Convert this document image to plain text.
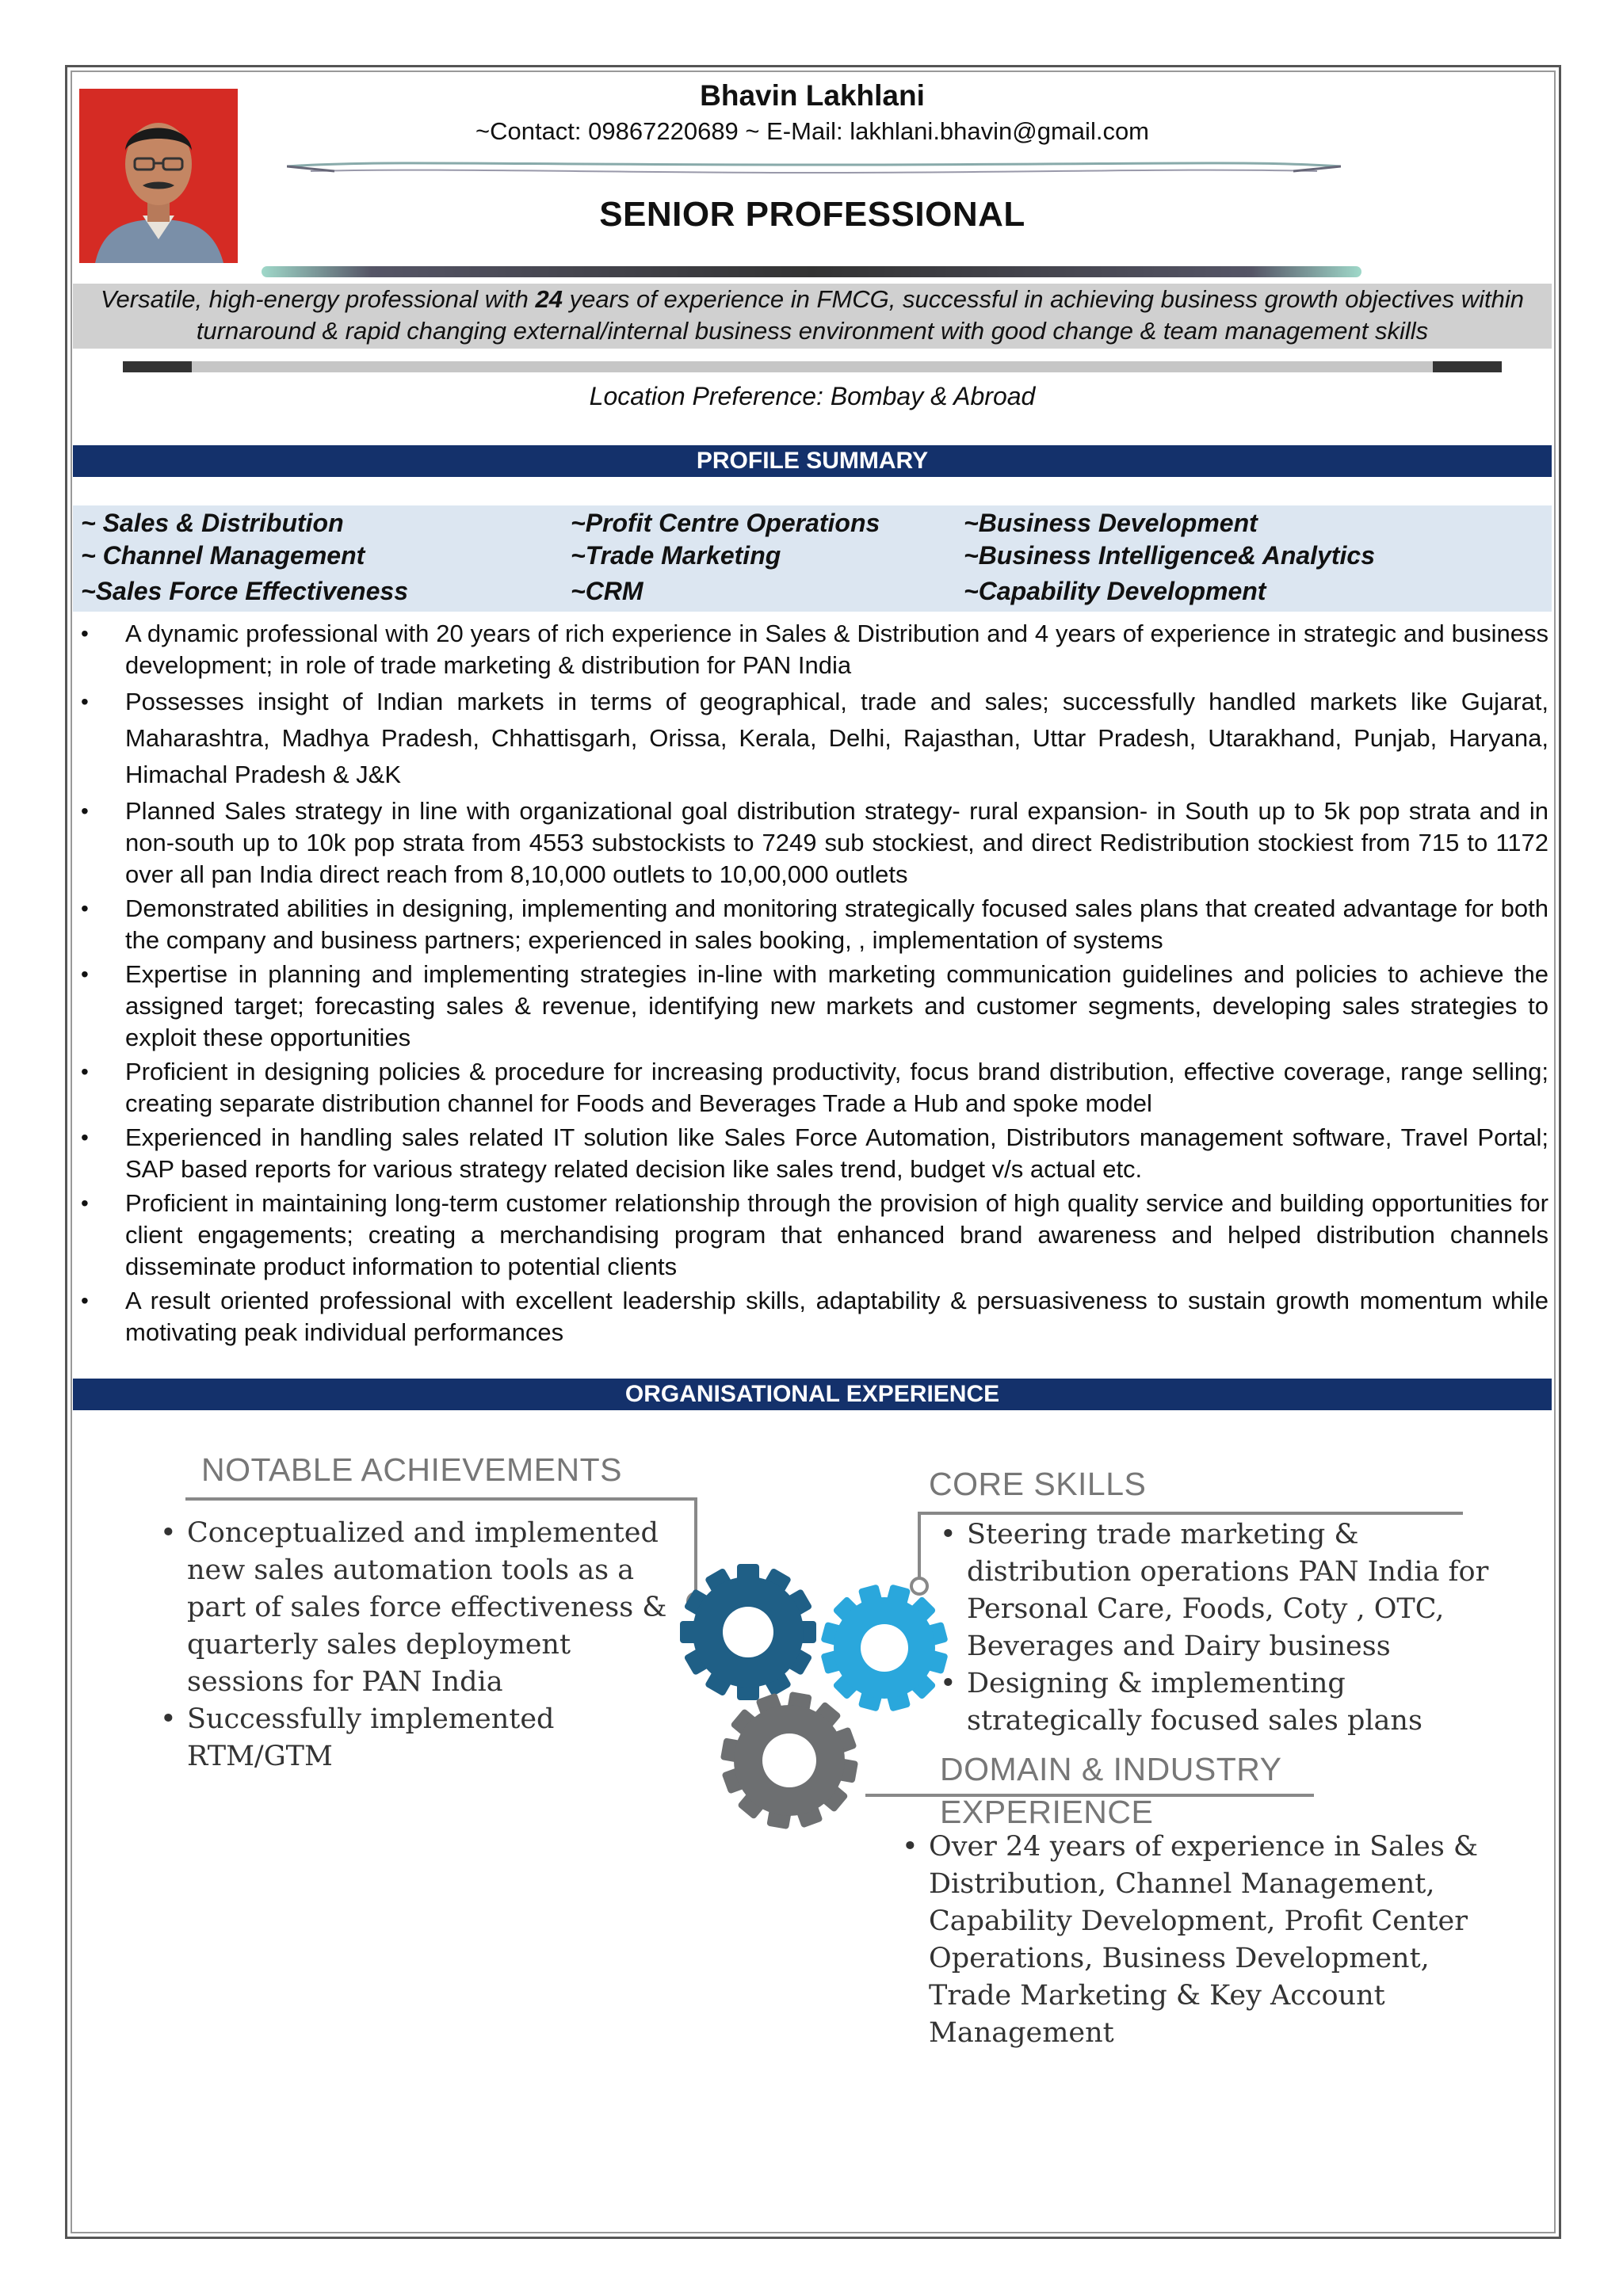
Bhavin Lakhlani
~Contact: 09867220689 ~ E-Mail: lakhlani.bhavin@gmail.com
SENIOR PROFESSIONAL
Versatile, high-energy professional with 24 years of experience in FMCG, successful in achieving business growth objectives within turnaround & rapid changing external/internal business environment with good change & team management skills
Location Preference: Bombay & Abroad
PROFILE SUMMARY
~ Sales & Distribution	~Profit Centre Operations	~Business Development
~ Channel Management	~Trade Marketing	~Business Intelligence& Analytics
~Sales Force Effectiveness	~CRM	~Capability Development
• A dynamic professional with 20 years of rich experience in Sales & Distribution and 4 years of experience in strategic and business development; in role of trade marketing & distribution for PAN India
• Possesses insight of Indian markets in terms of geographical, trade and sales; successfully handled markets like Gujarat, Maharashtra, Madhya Pradesh, Chhattisgarh, Orissa, Kerala, Delhi, Rajasthan, Uttar Pradesh, Utarakhand, Punjab, Haryana, Himachal Pradesh & J&K
• Planned Sales strategy in line with organizational goal distribution strategy- rural expansion- in South up to 5k pop strata and in non-south up to 10k pop strata from 4553 substockists to 7249 sub stockiest, and direct Redistribution stockiest from 715 to 1172 over all pan India direct reach from 8,10,000 outlets to 10,00,000 outlets
• Demonstrated abilities in designing, implementing and monitoring strategically focused sales plans that created advantage for both the company and business partners; experienced in sales booking, , implementation of systems
• Expertise in planning and implementing strategies in-line with marketing communication guidelines and policies to achieve the assigned target; forecasting sales & revenue, identifying new markets and customer segments, developing sales strategies to exploit these opportunities
• Proficient in designing policies & procedure for increasing productivity, focus brand distribution, effective coverage, range selling; creating separate distribution channel for Foods and Beverages Trade a Hub and spoke model
• Experienced in handling sales related IT solution like Sales Force Automation, Distributors management software, Travel Portal; SAP based reports for various strategy related decision like sales trend, budget v/s actual etc.
• Proficient in maintaining long-term customer relationship through the provision of high quality service and building opportunities for client engagements; creating a merchandising program that enhanced brand awareness and helped distribution channels disseminate product information to potential clients
• A result oriented professional with excellent leadership skills, adaptability & persuasiveness to sustain growth momentum while motivating peak individual performances
ORGANISATIONAL EXPERIENCE
NOTABLE ACHIEVEMENTS
• Conceptualized and implemented new sales automation tools as a part of sales force effectiveness & quarterly sales deployment sessions for PAN India
• Successfully implemented RTM/GTM
CORE SKILLS
• Steering trade marketing & distribution operations PAN India for Personal Care, Foods, Coty , OTC, Beverages and Dairy business
• Designing & implementing strategically focused sales plans
DOMAIN & INDUSTRY
EXPERIENCE
• Over 24 years of experience in Sales & Distribution, Channel Management, Capability Development, Profit Center Operations, Business Development, Trade Marketing & Key Account Management
